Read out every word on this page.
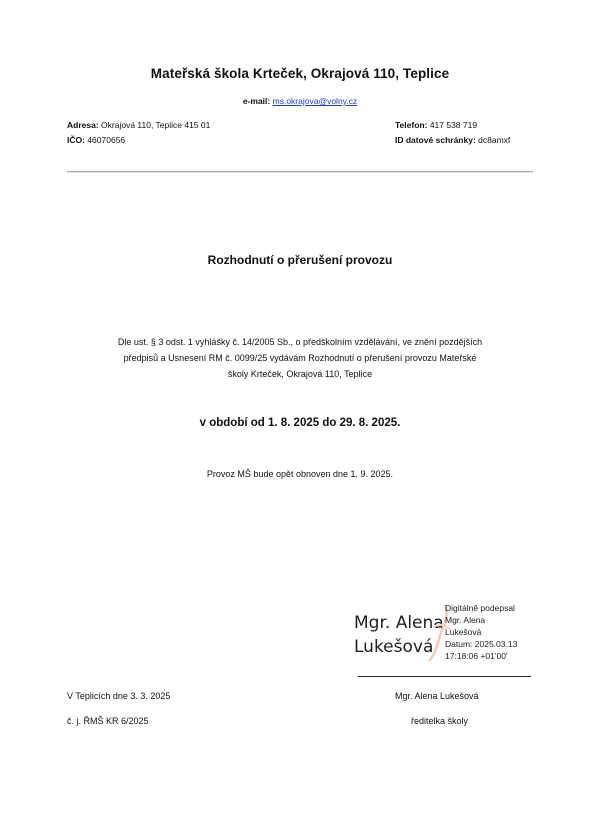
Mateřská škola Krteček, Okrajová 110, Teplice
e-mail: ms.okrajova@volny.cz
Adresa: Okrajová 110, Teplice 415 01
IČO: 46070656
Telefon: 417 538 719
ID datové schránky: dc8amxf
Rozhodnutí o přerušení provozu
Dle ust. § 3 odst. 1 vyhlášky č. 14/2005 Sb., o předškolním vzdělávání, ve znění pozdějších
předpisů a Usnesení RM č. 0099/25 vydávám Rozhodnutí o přerušení provozu Mateřské
školy Krteček, Okrajová 110, Teplice
v období od 1. 8. 2025 do 29. 8. 2025.
Provoz MŠ bude opět obnoven dne 1. 9. 2025.
Mgr. Alena
Lukešová
Digitálně podepsal
Mgr. Alena
Lukešová
Datum: 2025.03.13
17:18:06 +01'00'
V Teplicích dne 3. 3. 2025
č. j. ŘMŠ KR 6/2025
Mgr. Alena Lukešová
ředitelka školy
